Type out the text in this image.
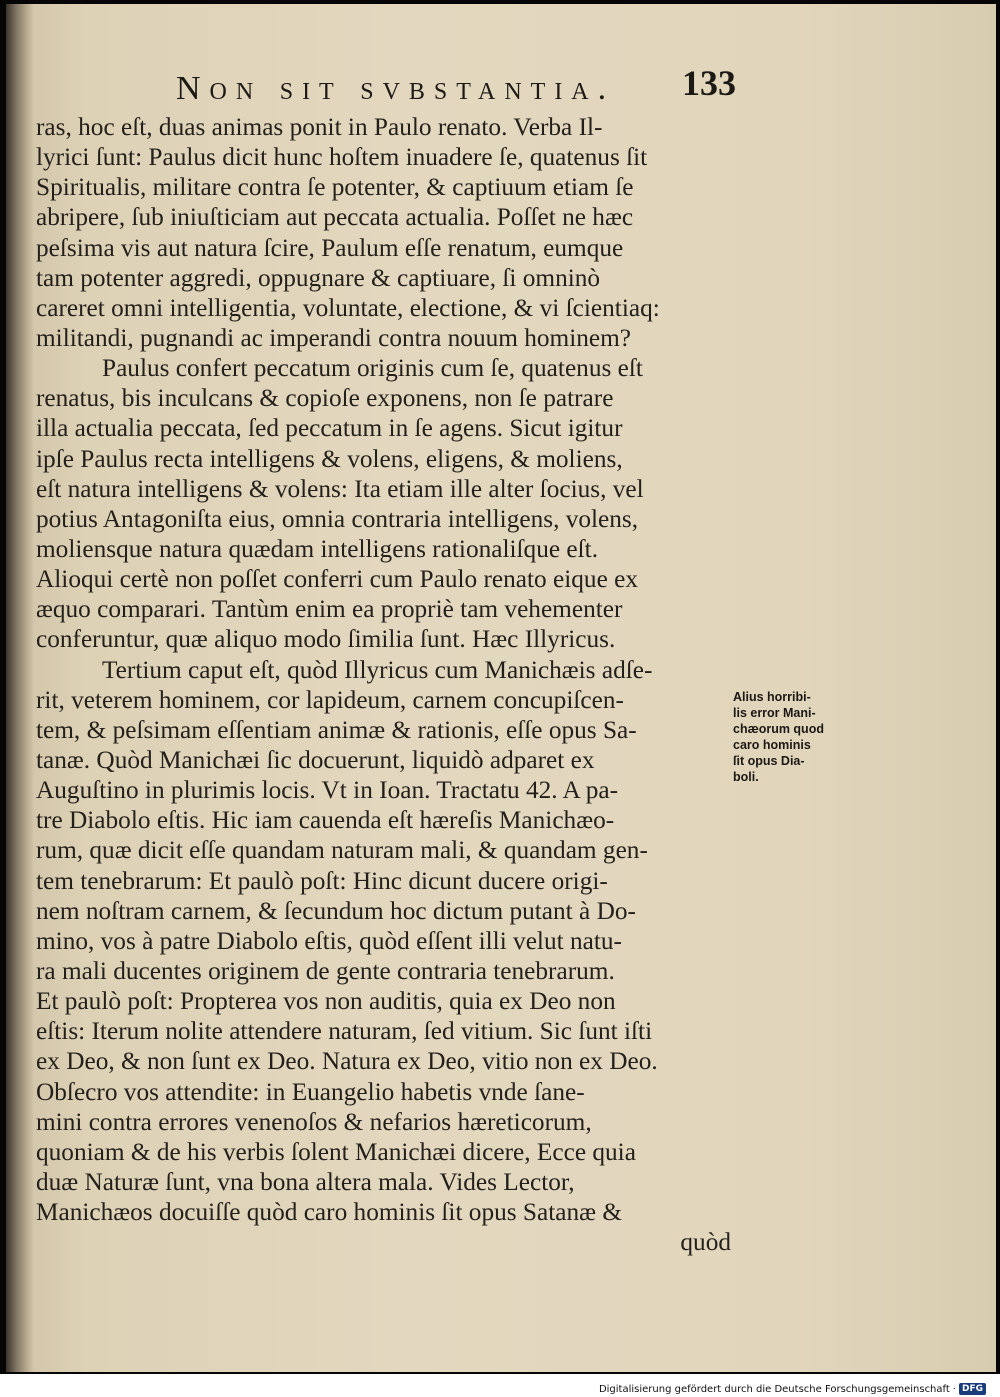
Non sit svbstantia. 133
ras, hoc eſt, duas animas ponit in Paulo renato. Verba Il-
lyrici ſunt: Paulus dicit hunc hoſtem inuadere ſe, quatenus ſit
Spiritualis, militare contra ſe potenter, & captiuum etiam ſe
abripere, ſub iniuſticiam aut peccata actualia. Poſſet ne hæc
peſsima vis aut natura ſcire, Paulum eſſe renatum, eumque
tam potenter aggredi, oppugnare & captiuare, ſi omninò
careret omni intelligentia, voluntate, electione, & vi ſcientiaq:
militandi, pugnandi ac imperandi contra nouum hominem?
Paulus confert peccatum originis cum ſe, quatenus eſt
renatus, bis inculcans & copioſe exponens, non ſe patrare
illa actualia peccata, ſed peccatum in ſe agens. Sicut igitur
ipſe Paulus recta intelligens & volens, eligens, & moliens,
eſt natura intelligens & volens: Ita etiam ille alter ſocius, vel
potius Antagoniſta eius, omnia contraria intelligens, volens,
moliensque natura quædam intelligens rationaliſque eſt.
Alioqui certè non poſſet conferri cum Paulo renato eique ex
æquo comparari. Tantùm enim ea propriè tam vehementer
conferuntur, quæ aliquo modo ſimilia ſunt. Hæc Illyricus.
Tertium caput eſt, quòd Illyricus cum Manichæis adſe-
rit, veterem hominem, cor lapideum, carnem concupiſcen-
tem, & peſsimam eſſentiam animæ & rationis, eſſe opus Sa-
tanæ. Quòd Manichæi ſic docuerunt, liquidò adparet ex
Auguſtino in plurimis locis. Vt in Ioan. Tractatu 42. A pa-
tre Diabolo eſtis. Hic iam cauenda eſt hæreſis Manichæo-
rum, quæ dicit eſſe quandam naturam mali, & quandam gen-
tem tenebrarum: Et paulò poſt: Hinc dicunt ducere origi-
nem noſtram carnem, & ſecundum hoc dictum putant à Do-
mino, vos à patre Diabolo eſtis, quòd eſſent illi velut natu-
ra mali ducentes originem de gente contraria tenebrarum.
Et paulò poſt: Propterea vos non auditis, quia ex Deo non
eſtis: Iterum nolite attendere naturam, ſed vitium. Sic ſunt iſti
ex Deo, & non ſunt ex Deo. Natura ex Deo, vitio non ex Deo.
Obſecro vos attendite: in Euangelio habetis vnde ſane-
mini contra errores venenoſos & nefarios hæreticorum,
quoniam & de his verbis ſolent Manichæi dicere, Ecce quia
duæ Naturæ ſunt, vna bona altera mala. Vides Lector,
Manichæos docuiſſe quòd caro hominis ſit opus Satanæ &
quòd
Alius horribi-
lis error Mani-
chæorum quod
caro hominis
ſit opus Dia-
boli.
Digitalisierung gefördert durch die Deutsche Forschungsgemeinschaft · DFG
